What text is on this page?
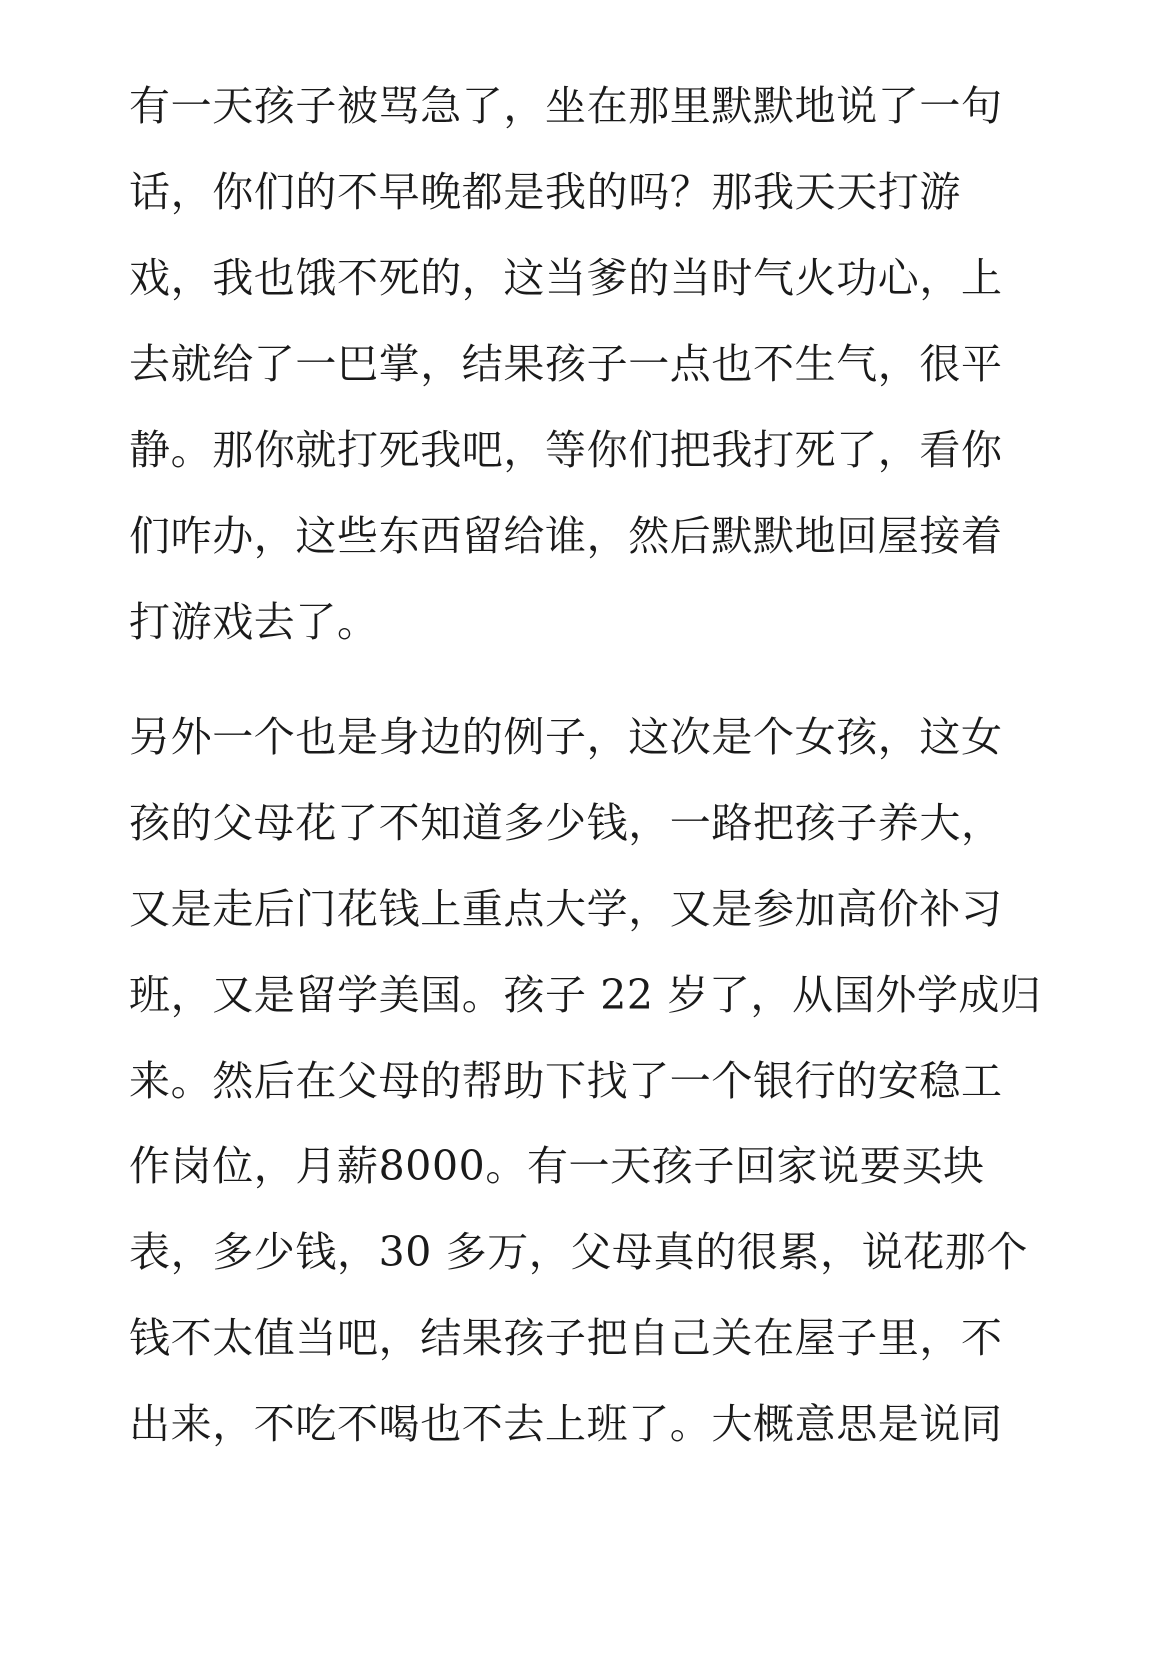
有一天孩子被骂急了，坐在那里默默地说了一句
话，你们的不早晚都是我的吗？那我天天打游
戏，我也饿不死的，这当爹的当时气火功心，上
去就给了一巴掌，结果孩子一点也不生气，很平
静。那你就打死我吧，等你们把我打死了，看你
们咋办，这些东西留给谁，然后默默地回屋接着
打游戏去了。
另外一个也是身边的例子，这次是个女孩，这女
孩的父母花了不知道多少钱，一路把孩子养大，
又是走后门花钱上重点大学，又是参加高价补习
班，又是留学美国。孩子 22 岁了，从国外学成归
来。然后在父母的帮助下找了一个银行的安稳工
作岗位，月薪8000。有一天孩子回家说要买块
表，多少钱，30 多万，父母真的很累，说花那个
钱不太值当吧，结果孩子把自己关在屋子里，不
出来，不吃不喝也不去上班了。大概意思是说同
